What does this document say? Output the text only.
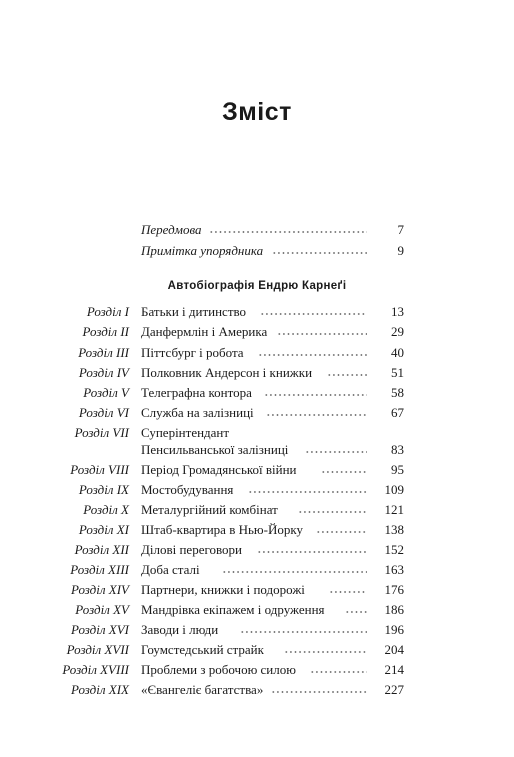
Зміст
Передмова	7
Примітка упорядника	9
Автобіографія Ендрю Карнеґі
Розділ I Батьки і дитинство	13
Розділ II Данфермлін і Америка	29
Розділ III Піттсбург і робота	40
Розділ IV Полковник Андерсон і книжки	51
Розділ V Телеграфна контора	58
Розділ VI Служба на залізниці	67
Розділ VII Суперінтендант
Пенсильванської залізниці	83
Розділ VIII Період Громадянської війни	95
Розділ IX Мостобудування	109
Розділ X Металургійний комбінат	121
Розділ XI Штаб-квартира в Нью-Йорку	138
Розділ XII Ділові переговори	152
Розділ XIII Доба сталі	163
Розділ XIV Партнери, книжки і подорожі	176
Розділ XV Мандрівка екіпажем і одруження	186
Розділ XVI Заводи і люди	196
Розділ XVII Гоумстедський страйк	204
Розділ XVIII Проблеми з робочою силою	214
Розділ XIX «Євангеліє багатства»	227
